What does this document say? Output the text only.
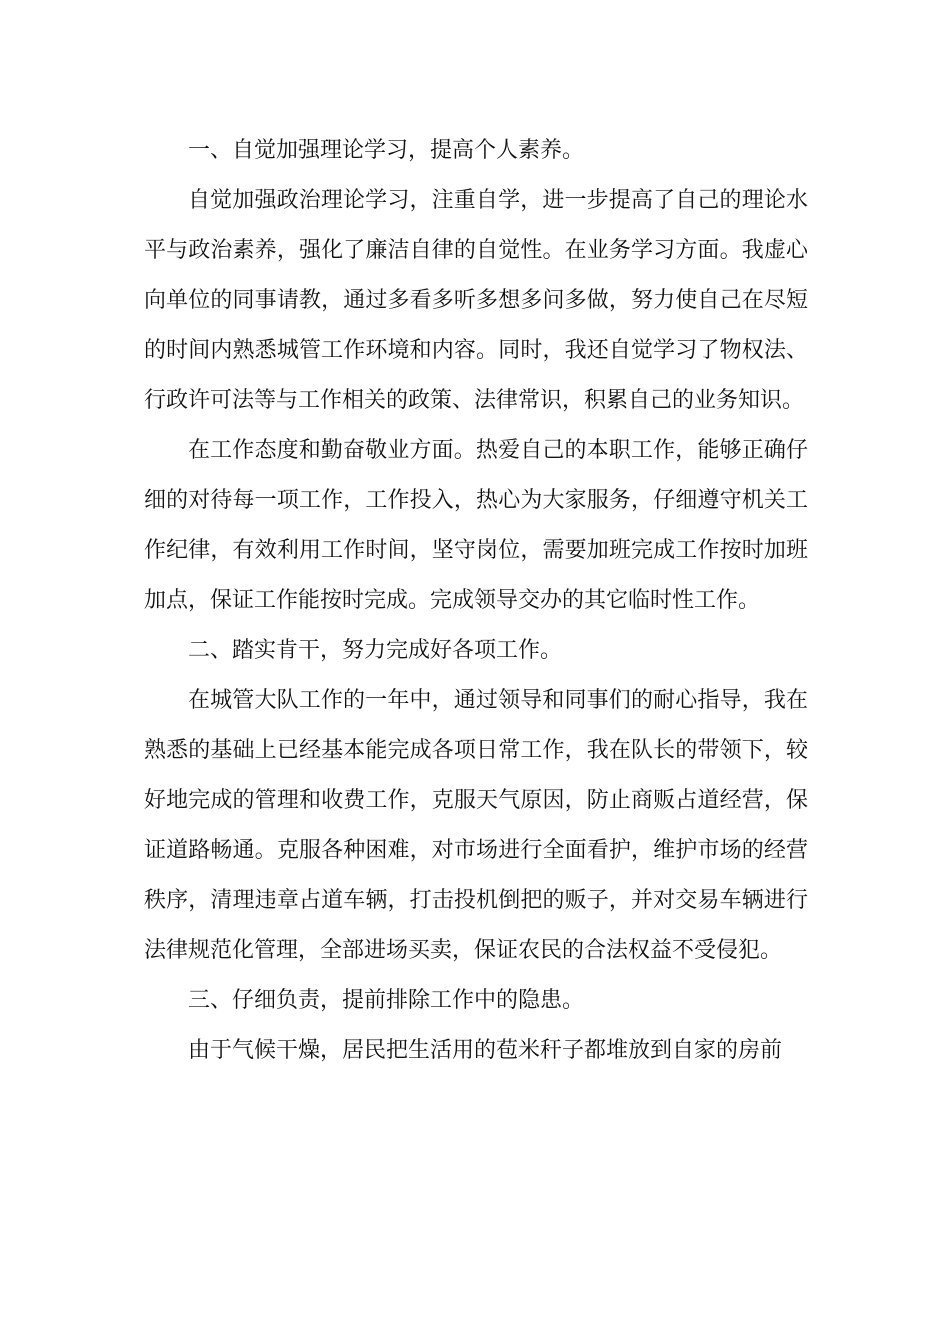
一、自觉加强理论学习，提高个人素养。

自觉加强政治理论学习，注重自学，进一步提高了自己的理论水平与政治素养，强化了廉洁自律的自觉性。在业务学习方面。我虚心向单位的同事请教，通过多看多听多想多问多做，努力使自己在尽短的时间内熟悉城管工作环境和内容。同时，我还自觉学习了物权法、行政许可法等与工作相关的政策、法律常识，积累自己的业务知识。

在工作态度和勤奋敬业方面。热爱自己的本职工作，能够正确仔细的对待每一项工作，工作投入，热心为大家服务，仔细遵守机关工作纪律，有效利用工作时间，坚守岗位，需要加班完成工作按时加班加点，保证工作能按时完成。完成领导交办的其它临时性工作。

二、踏实肯干，努力完成好各项工作。

在城管大队工作的一年中，通过领导和同事们的耐心指导，我在熟悉的基础上已经基本能完成各项日常工作，我在队长的带领下，较好地完成的管理和收费工作，克服天气原因，防止商贩占道经营，保证道路畅通。克服各种困难，对市场进行全面看护，维护市场的经营秩序，清理违章占道车辆，打击投机倒把的贩子，并对交易车辆进行法律规范化管理，全部进场买卖，保证农民的合法权益不受侵犯。

三、仔细负责，提前排除工作中的隐患。

由于气候干燥，居民把生活用的苞米秆子都堆放到自家的房前
